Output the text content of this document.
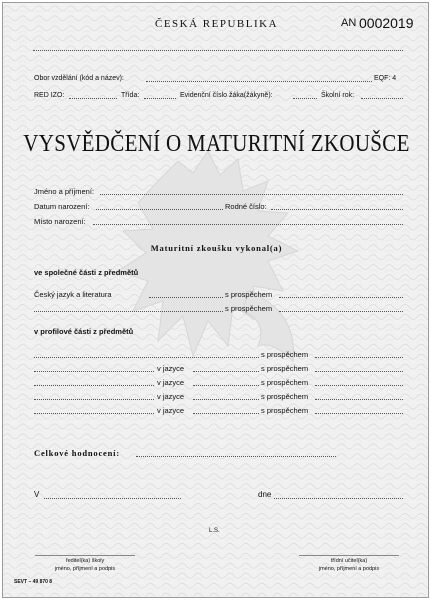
ČESKÁ REPUBLIKA	AN 0002019
Obor vzdělání (kód a název):	EQF: 4
RED IZO:	Třída:	Evidenční číslo žáka(žákyně):	Školní rok:
VYSVĚDČENÍ O MATURITNÍ ZKOUŠCE
Jméno a příjmení:
Datum narození:	Rodné číslo:
Místo narození:
Maturitní zkoušku vykonal(a)
ve společné části z předmětů
Český jazyk a literatura	s prospěchem
s prospěchem
v profilové části z předmětů
s prospěchem
v jazyce	s prospěchem
v jazyce	s prospěchem
v jazyce	s prospěchem
v jazyce	s prospěchem
Celkové hodnocení:
V	dne
L.S.
ředitel(ka) školy
jméno, příjmení a podpis
třídní učitel(ka)
jméno, příjmení a podpis
SEVT – 49 870 8
